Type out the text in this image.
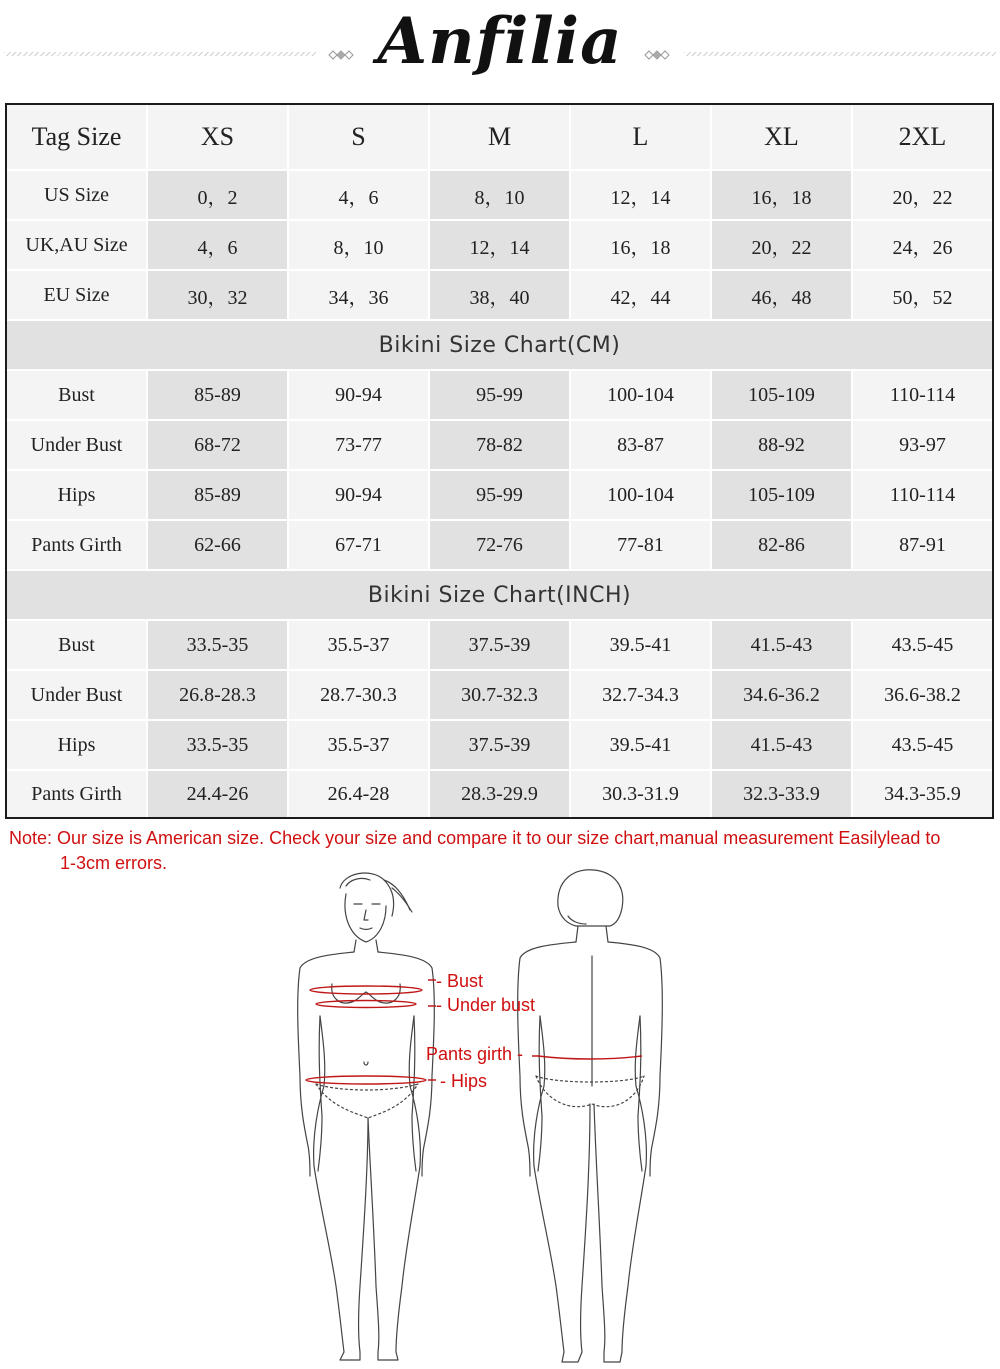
Anfilia
Tag Size	XS	S	M	L	XL	2XL
US Size	0，2	4，6	8，10	12，14	16，18	20，22
UK,AU Size	4，6	8，10	12，14	16，18	20，22	24，26
EU Size	30，32	34，36	38，40	42，44	46，48	50，52
Bikini Size Chart(CM)
Bust	85-89	90-94	95-99	100-104	105-109	110-114
Under Bust	68-72	73-77	78-82	83-87	88-92	93-97
Hips	85-89	90-94	95-99	100-104	105-109	110-114
Pants Girth	62-66	67-71	72-76	77-81	82-86	87-91
Bikini Size Chart(INCH)
Bust	33.5-35	35.5-37	37.5-39	39.5-41	41.5-43	43.5-45
Under Bust	26.8-28.3	28.7-30.3	30.7-32.3	32.7-34.3	34.6-36.2	36.6-38.2
Hips	33.5-35	35.5-37	37.5-39	39.5-41	41.5-43	43.5-45
Pants Girth	24.4-26	26.4-28	28.3-29.9	30.3-31.9	32.3-33.9	34.3-35.9
Note: Our size is American size. Check your size and compare it to our size chart,manual measurement Easilylead to
1-3cm errors.
- Bust
- Under bust
Pants girth -
- Hips
